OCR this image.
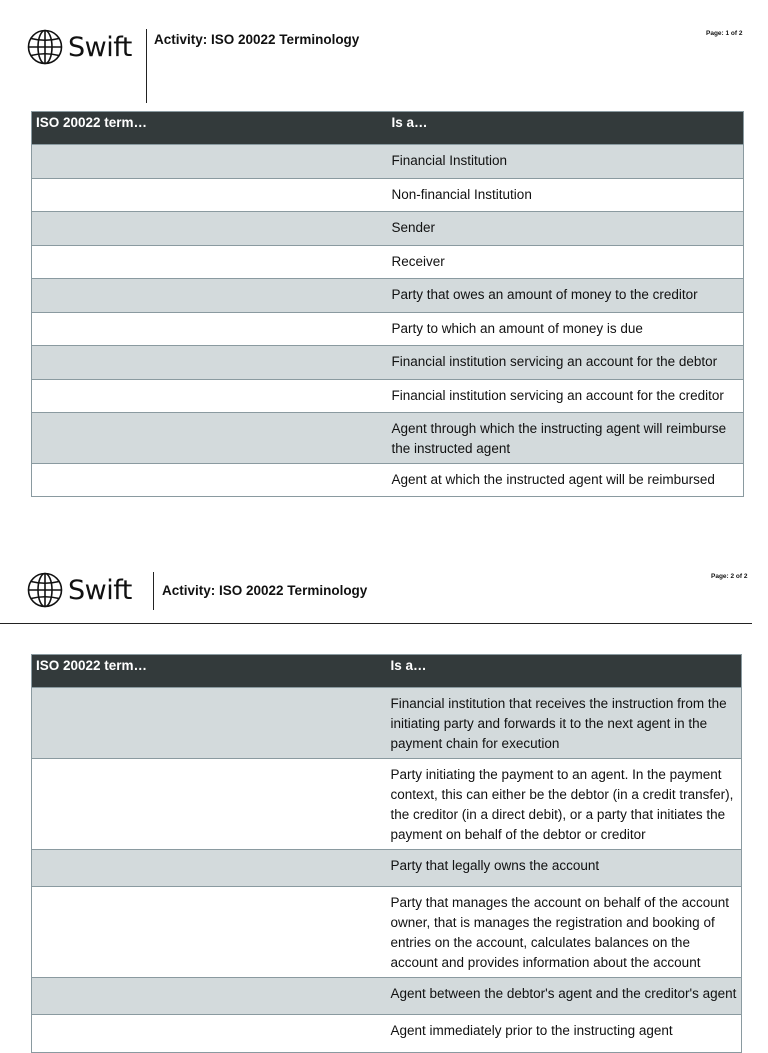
Swift Activity: ISO 20022 Terminology	Page: 1 of 2
ISO 20022 term…	Is a…
	Financial Institution
	Non-financial Institution
	Sender
	Receiver
	Party that owes an amount of money to the creditor
	Party to which an amount of money is due
	Financial institution servicing an account for the debtor
	Financial institution servicing an account for the creditor
	Agent through which the instructing agent will reimburse the instructed agent
	Agent at which the instructed agent will be reimbursed
Swift Activity: ISO 20022 Terminology
Page: 2 of 2
ISO 20022 term…	Is a…
	Financial institution that receives the instruction from the initiating party and forwards it to the next agent in the payment chain for execution
	Party initiating the payment to an agent. In the payment context, this can either be the debtor (in a credit transfer), the creditor (in a direct debit), or a party that initiates the payment on behalf of the debtor or creditor
	Party that legally owns the account
	Party that manages the account on behalf of the account owner, that is manages the registration and booking of entries on the account, calculates balances on the account and provides information about the account
	Agent between the debtor's agent and the creditor's agent
	Agent immediately prior to the instructing agent
